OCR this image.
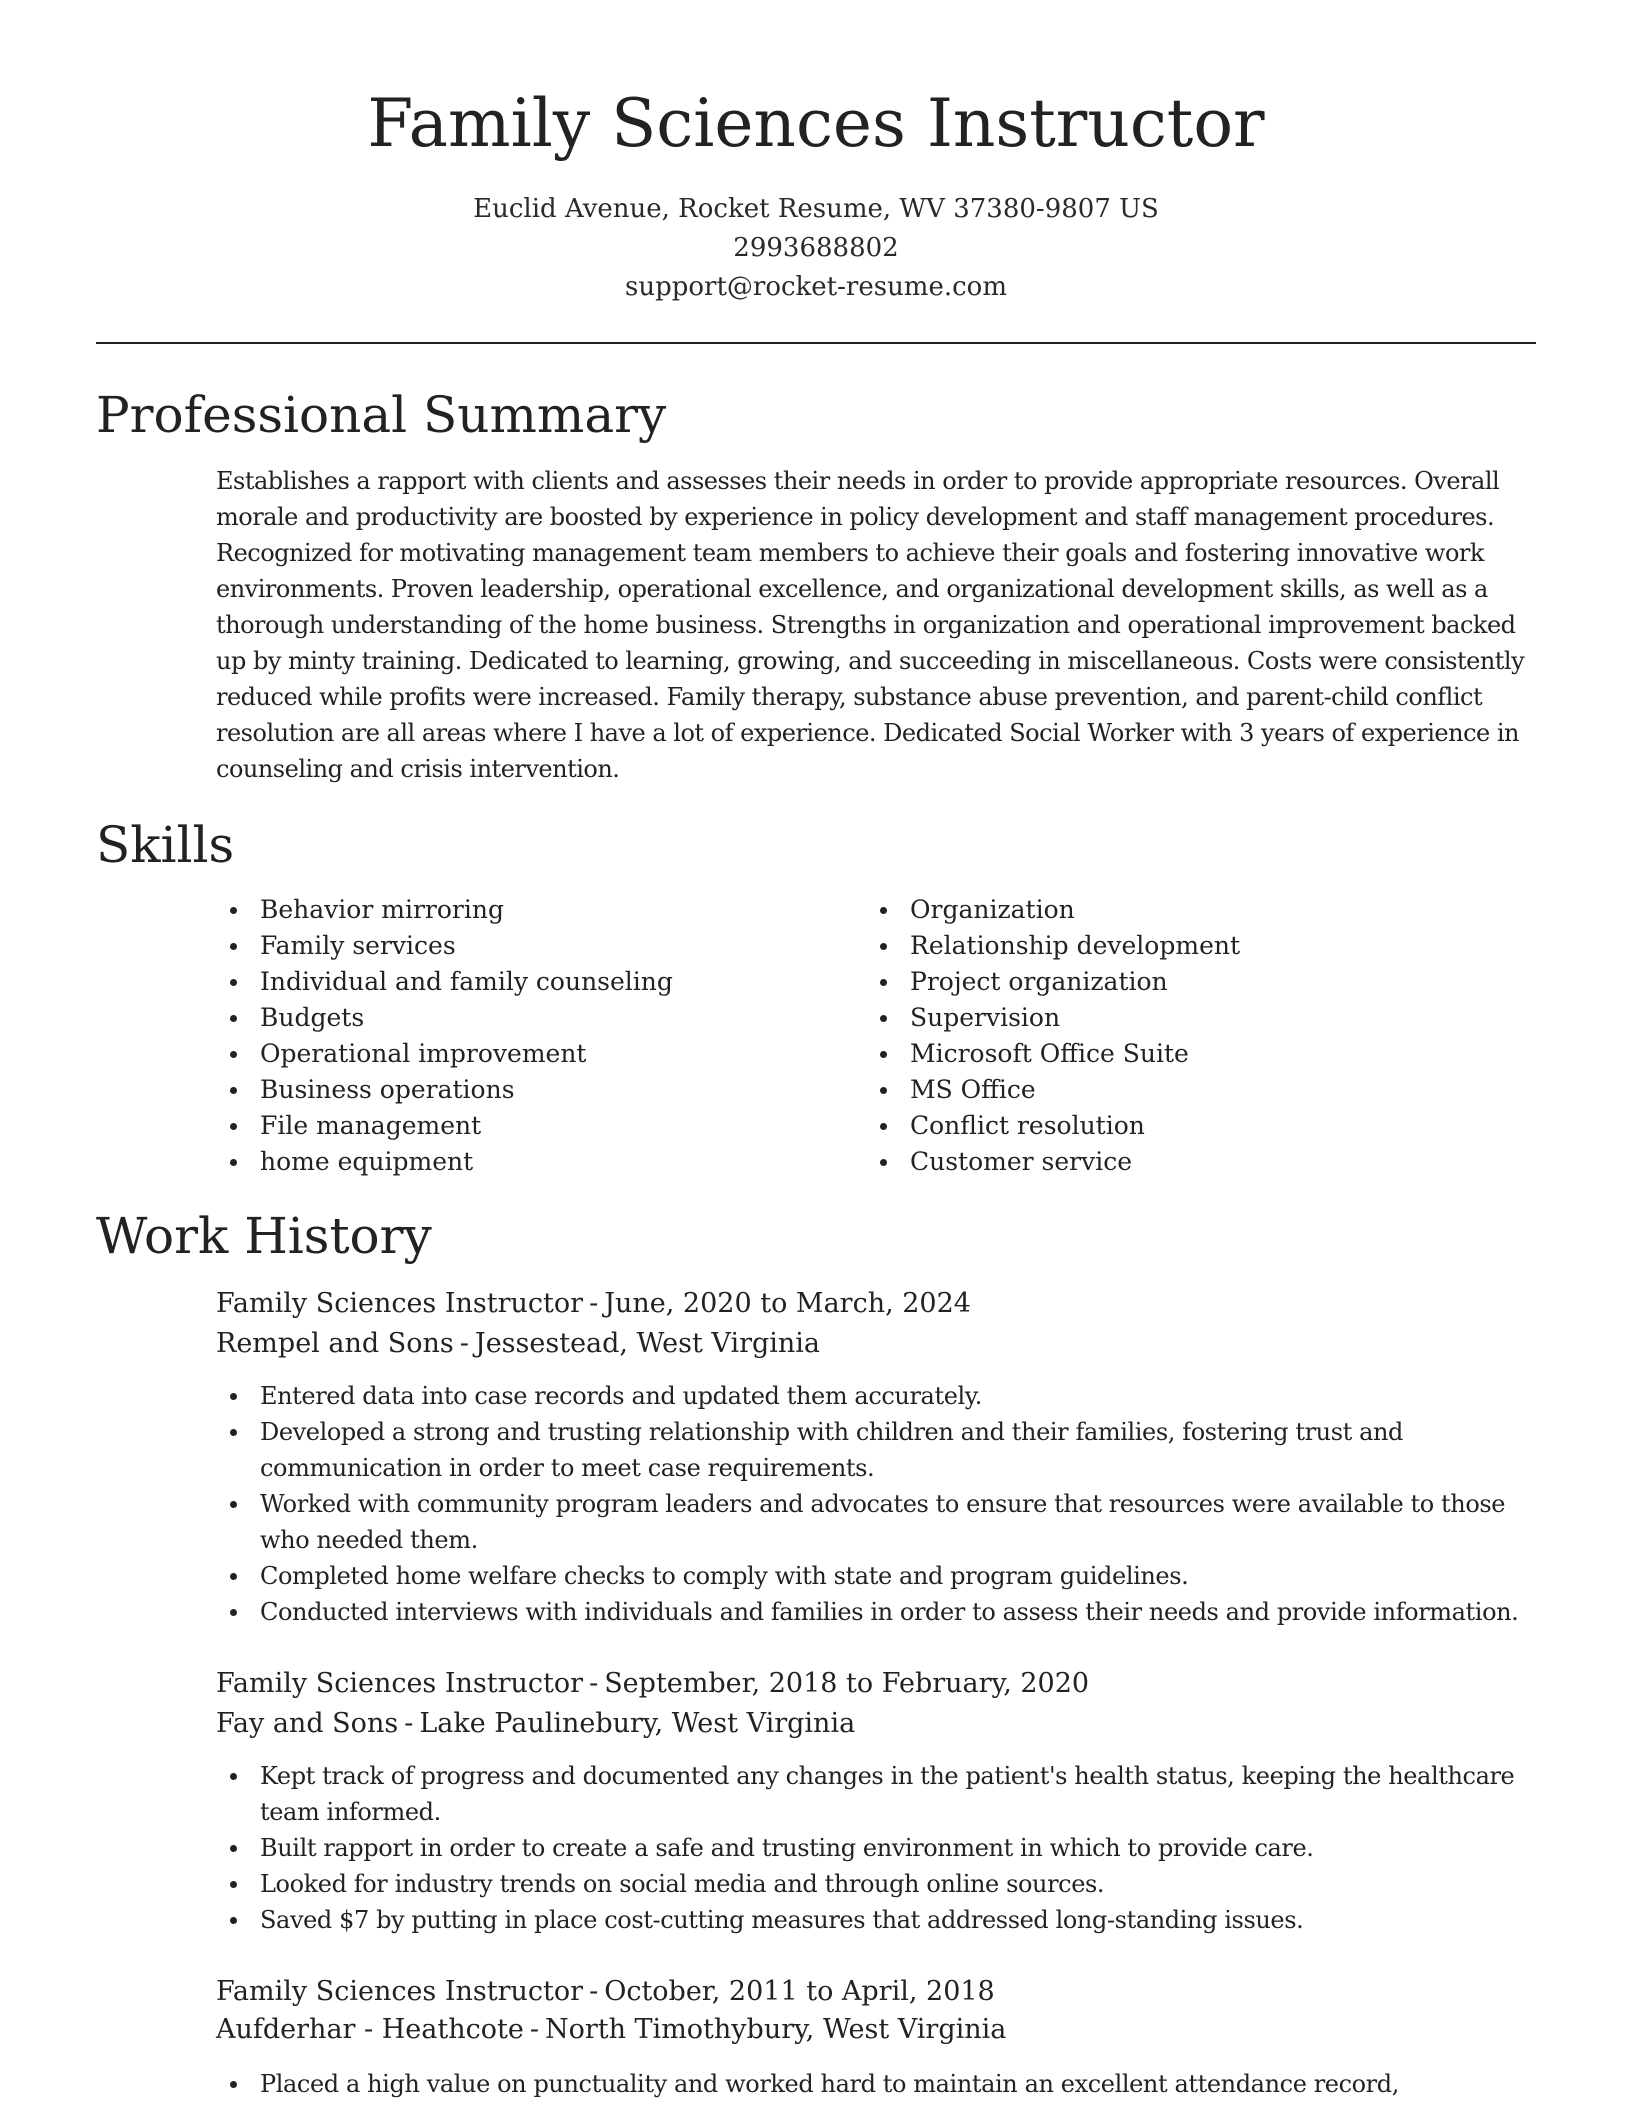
Family Sciences Instructor
Euclid Avenue, Rocket Resume, WV 37380-9807 US
2993688802
support@rocket-resume.com
Professional Summary

Establishes a rapport with clients and assesses their needs in order to provide appropriate resources. Overall morale and productivity are boosted by experience in policy development and staff management procedures. Recognized for motivating management team members to achieve their goals and fostering innovative work environments. Proven leadership, operational excellence, and organizational development skills, as well as a thorough understanding of the home business. Strengths in organization and operational improvement backed up by minty training. Dedicated to learning, growing, and succeeding in miscellaneous. Costs were consistently reduced while profits were increased. Family therapy, substance abuse prevention, and parent-child conflict resolution are all areas where I have a lot of experience. Dedicated Social Worker with 3 years of experience in counseling and crisis intervention.

Skills
Behavior mirroring
Family services
Individual and family counseling
Budgets
Operational improvement
Business operations
File management
home equipment
Organization
Relationship development
Project organization
Supervision
Microsoft Office Suite
MS Office
Conflict resolution
Customer service
Work History
Family Sciences Instructor - June, 2020 to March, 2024
Rempel and Sons - Jessestead, West Virginia
Entered data into case records and updated them accurately.
Developed a strong and trusting relationship with children and their families, fostering trust and communication in order to meet case requirements.
Worked with community program leaders and advocates to ensure that resources were available to those who needed them.
Completed home welfare checks to comply with state and program guidelines.
Conducted interviews with individuals and families in order to assess their needs and provide information.
Family Sciences Instructor - September, 2018 to February, 2020
Fay and Sons - Lake Paulinebury, West Virginia
Kept track of progress and documented any changes in the patient's health status, keeping the healthcare team informed.
Built rapport in order to create a safe and trusting environment in which to provide care.
Looked for industry trends on social media and through online sources.
Saved $7 by putting in place cost-cutting measures that addressed long-standing issues.
Family Sciences Instructor - October, 2011 to April, 2018
Aufderhar - Heathcote - North Timothybury, West Virginia
Placed a high value on punctuality and worked hard to maintain an excellent attendance record,
